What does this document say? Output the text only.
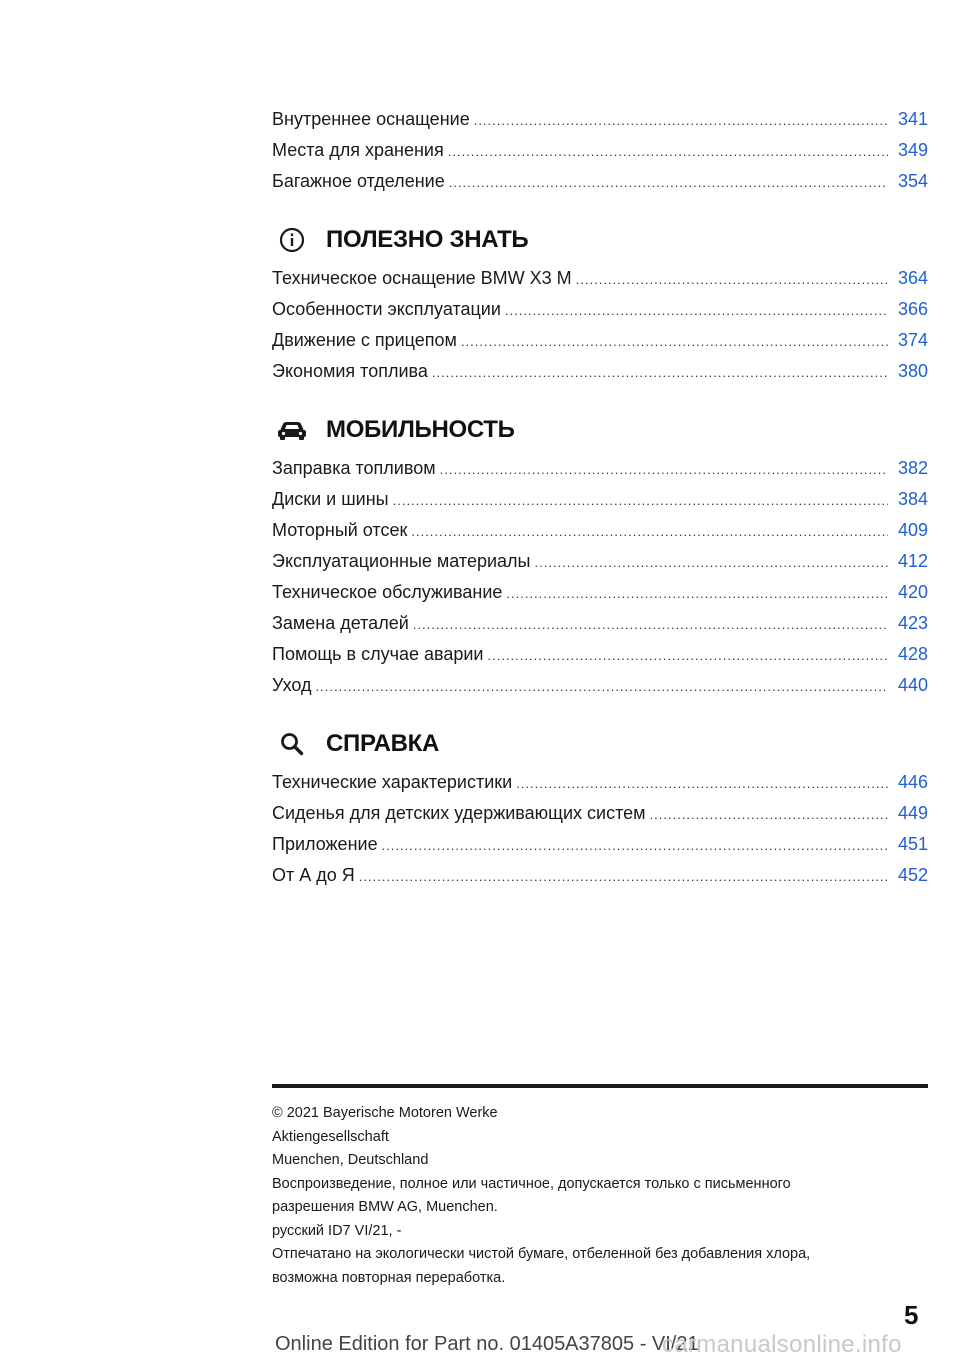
Внутреннее оснащение .....	341
Места для хранения .....	349
Багажное отделение .....	354
ПОЛЕЗНО ЗНАТЬ
Техническое оснащение BMW X3 M .....	364
Особенности эксплуатации .....	366
Движение с прицепом .....	374
Экономия топлива .....	380
МОБИЛЬНОСТЬ
Заправка топливом .....	382
Диски и шины .....	384
Моторный отсек .....	409
Эксплуатационные материалы .....	412
Техническое обслуживание .....	420
Замена деталей .....	423
Помощь в случае аварии .....	428
Уход .....	440
СПРАВКА
Технические характеристики .....	446
Сиденья для детских удерживающих систем .....	449
Приложение .....	451
От А до Я .....	452
© 2021 Bayerische Motoren Werke
Aktiengesellschaft
Muenchen, Deutschland
Воспроизведение, полное или частичное, допускается только с письменного
разрешения BMW AG, Muenchen.
русский ID7 VI/21, -
Отпечатано на экологически чистой бумаге, отбеленной без добавления хлора,
возможна повторная переработка.
5
Online Edition for Part no. 01405A37805 - VI/21
carmanualsonline.info
